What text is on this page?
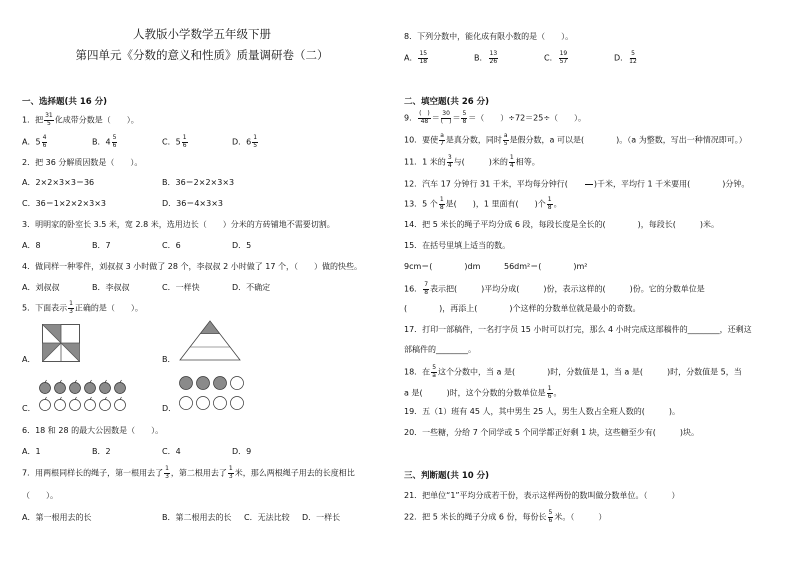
人教版小学数学五年级下册
第四单元《分数的意义和性质》质量调研卷（二）
一、选择题(共 16 分)
1．把 $\frac{31}{5}$ 化成带分数是（　　）。
A．$5 \frac{4}{6}$	B．$4 \frac{5}{6}$	C．$5 \frac{1}{6}$	D．$6 \frac{1}{5}$
2．把 36 分解质因数是（　　）。
A．2×2×3×3＝36	B．36＝2×2×3×3
C．36＝1×2×2×3×3	D．36＝4×3×3
3．明明家的卧室长 3.5 米，宽 2.8 米，选用边长（　　）分米的方砖铺地不需要切割。
A．8	B．7	C．6	D．5
4．做同样一种零件，刘叔叔 3 小时做了 28 个，李叔叔 2 小时做了 17 个，（　　）做的快些。
A．刘叔叔	B．李叔叔	C．一样快	D．不确定
5．下面表示 $\frac{1}{3}$ 正确的是（　　）。
A．	B．
C．	D．
6．18 和 28 的最大公因数是（　　）。
A．1	B．2	C．4	D．9
7．用两根同样长的绳子，第一根用去了 $\frac{1}{3}$ ，第二根用去了 $\frac{1}{3}$ 米，那么两根绳子用去的长度相比
（　　）。
A．第一根用去的长	B．第二根用去的长 C．无法比较 D．一样长
8．下列分数中，能化成有限小数的是（　　）。
A． $\frac{15}{18}$	B． $\frac{13}{26}$	C． $\frac{19}{57}$	D． $\frac{5}{12}$
二、填空题(共 26 分)
9． $\frac{( )}{48} = \frac{30}{( )} = \frac{5}{8}$ ＝（　　）÷72＝25÷（　　）。
10．要使 $\frac{a}{7}$ 是真分数，同时 $\frac{a}{5}$ 是假分数，a 可以是(　　　　)。（a 为整数，写出一种情况即可。）
11．1 米的 $\frac{3}{4}$ 与(　　　)米的 $\frac{1}{4}$ 相等。
12．汽车 17 分钟行 31 千米，平均每分钟行(　　

)千米，平均行 1 千米要用(　　　　)分钟。
13．5 个 $\frac{1}{8}$ 是(　　)，1 里面有(　　)个 $\frac{1}{8}$ 。
14．把 5 米长的绳子平均分成 6 段，每段长度是全长的(　　　　)，每段长(　　　)米。
15．在括号里填上适当的数。
9cm＝(　　　　)dm	56dm²＝(　　　　)m²
16． $\frac{7}{8}$ 表示把(　　　)平均分成(　　　)份，表示这样的(　　　)份。它的分数单位是
(　　　　)，再添上(　　　　)个这样的分数单位就是最小的奇数。
17．打印一部稿件，一名打字员 15 小时可以打完，那么 4 小时完成这部稿件的________，还剩这
部稿件的________。
18．在 $\frac{5}{a}$ 这个分数中，当 a 是(　　　　)时，分数值是 1，当 a 是(　　　)时，分数值是 5，当
a 是(　　　)时，这个分数的分数单位是 $\frac{1}{6}$ 。
19．五（1）班有 45 人，其中男生 25 人，男生人数占全班人数的(　　　)。
20．一些糖，分给 7 个同学或 5 个同学都正好剩 1 块，这些糖至少有(　　　)块。
三、判断题(共 10 分)
21．把单位“1”平均分成若干份，表示这样两份的数叫做分数单位。（　　　）
22．把 5 米长的绳子分成 6 份，每份长 $\frac{5}{6}$ 米。（　　　）
